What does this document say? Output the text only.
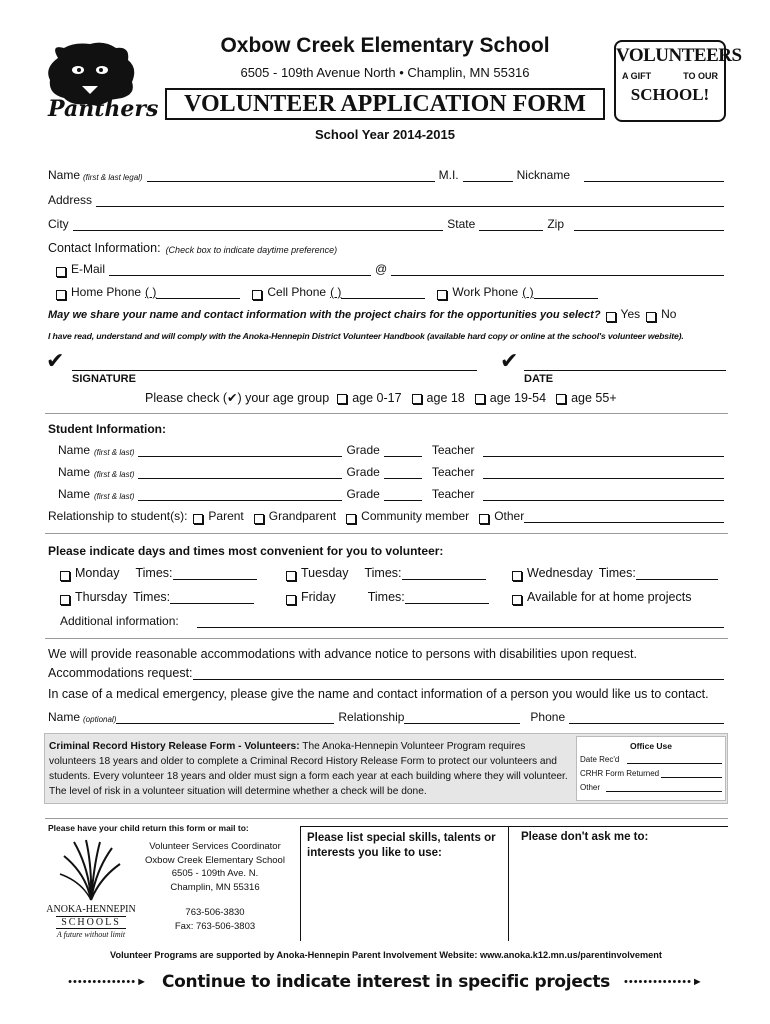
Panthers
Oxbow Creek Elementary School
6505 - 109th Avenue North • Champlin, MN 55316
VOLUNTEER APPLICATION FORM
School Year 2014-2015
VOLUNTEERS
A GIFT	TO OUR
SCHOOL!
Name (first & last legal)	M.I.	Nickname
Address
City	State	Zip
Contact Information: (Check box to indicate daytime preference)
E-Mail	@
Home Phone ( )	Cell Phone ( )	Work Phone ( )
May we share your name and contact information with the project chairs for the opportunities you select? Yes No
I have read, understand and will comply with the Anoka-Hennepin District Volunteer Handbook (available hard copy or online at the school's volunteer website).
✔
SIGNATURE
✔
DATE
Please check (✔) your age group age 0-17 age 18 age 19-54 age 55+
Student Information:
Name (first & last)	Grade	Teacher
Name (first & last)	Grade	Teacher
Name (first & last)	Grade	Teacher
Relationship to student(s): Parent Grandparent Community member Other
Please indicate days and times most convenient for you to volunteer:
Monday Times:	Tuesday Times:	Wednesday Times:
Thursday Times:	Friday	Times:	Available for at home projects
Additional information:
We will provide reasonable accommodations with advance notice to persons with disabilities upon request.
Accommodations request:
In case of a medical emergency, please give the name and contact information of a person you would like us to contact.
Name (optional)	Relationship	Phone
Criminal Record History Release Form - Volunteers: The Anoka-Hennepin Volunteer Program requires volunteers 18 years and older to complete a Criminal Record History Release Form to protect our volunteers and students. Every volunteer 18 years and older must sign a form each year at each building where they will volunteer. The level of risk in a volunteer situation will determine whether a check will be done.
Office Use
Date Rec'd
CRHR Form Returned
Other
Please have your child return this form or mail to:
ANOKA-HENNEPIN
SCHOOLS
A future without limit
Volunteer Services Coordinator
Oxbow Creek Elementary School
6505 - 109th Ave. N.
Champlin, MN 55316
763-506-3830
Fax: 763-506-3803
Please list special skills, talents or interests you like to use:
Please don't ask me to:
Volunteer Programs are supported by Anoka-Hennepin Parent Involvement Website: www.anoka.k12.mn.us/parentinvolvement
••••••••••••••► Continue to indicate interest in specific projects ••••••••••••••►
